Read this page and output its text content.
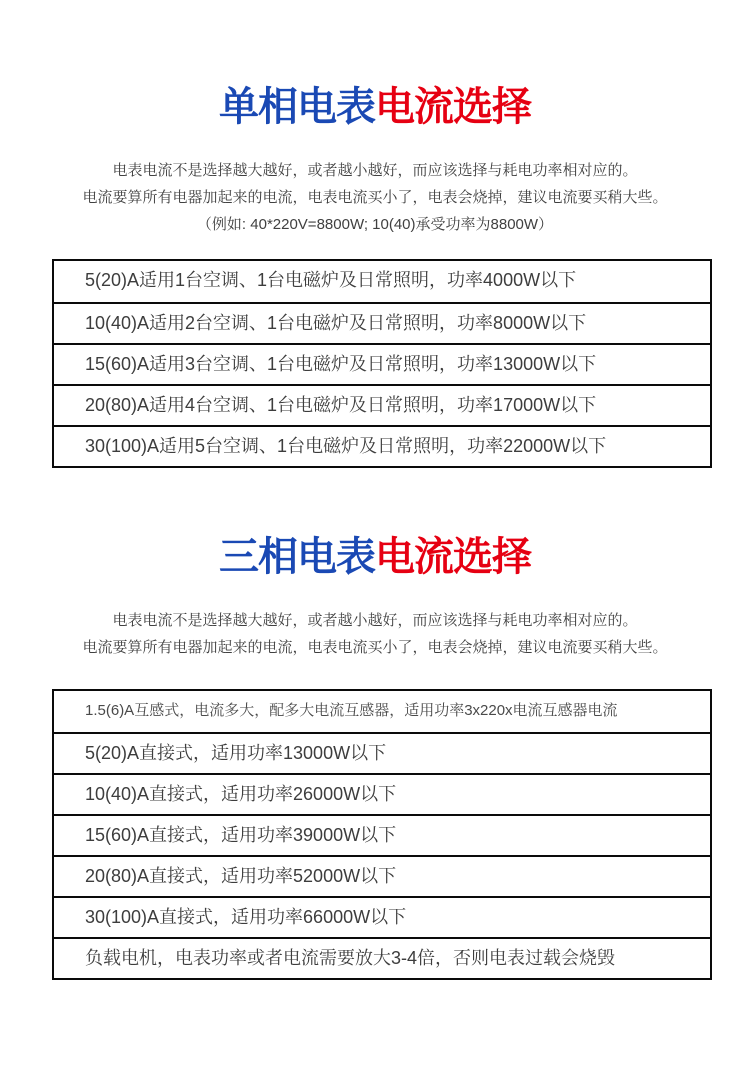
单相电表电流选择
电表电流不是选择越大越好，或者越小越好，而应该选择与耗电功率相对应的。
电流要算所有电器加起来的电流，电表电流买小了，电表会烧掉，建议电流要买稍大些。
（例如: 40*220V=8800W; 10(40)承受功率为8800W）
5(20)A适用1台空调、1台电磁炉及日常照明，功率4000W以下
10(40)A适用2台空调、1台电磁炉及日常照明，功率8000W以下
15(60)A适用3台空调、1台电磁炉及日常照明，功率13000W以下
20(80)A适用4台空调、1台电磁炉及日常照明，功率17000W以下
30(100)A适用5台空调、1台电磁炉及日常照明，功率22000W以下
三相电表电流选择
电表电流不是选择越大越好，或者越小越好，而应该选择与耗电功率相对应的。
电流要算所有电器加起来的电流，电表电流买小了，电表会烧掉，建议电流要买稍大些。
1.5(6)A互感式，电流多大，配多大电流互感器，适用功率3x220x电流互感器电流
5(20)A直接式，适用功率13000W以下
10(40)A直接式，适用功率26000W以下
15(60)A直接式，适用功率39000W以下
20(80)A直接式，适用功率52000W以下
30(100)A直接式，适用功率66000W以下
负载电机，电表功率或者电流需要放大3-4倍，否则电表过载会烧毁
